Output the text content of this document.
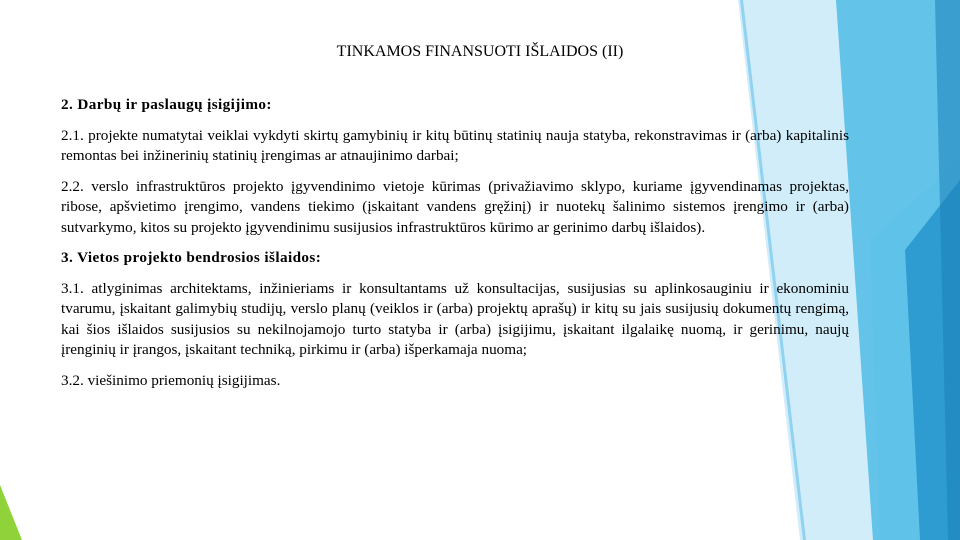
TINKAMOS FINANSUOTI IŠLAIDOS (II)

2. Darbų ir paslaugų įsigijimo:

2.1. projekte numatytai veiklai vykdyti skirtų gamybinių ir kitų būtinų statinių nauja statyba, rekonstravimas ir (arba) kapitalinis remontas bei inžinerinių statinių įrengimas ar atnaujinimo darbai;

2.2. verslo infrastruktūros projekto įgyvendinimo vietoje kūrimas (privažiavimo sklypo, kuriame įgyvendinamas projektas, ribose, apšvietimo įrengimo, vandens tiekimo (įskaitant vandens gręžinį) ir nuotekų šalinimo sistemos įrengimo ir (arba) sutvarkymo, kitos su projekto įgyvendinimu susijusios infrastruktūros kūrimo ar gerinimo darbų išlaidos).

3. Vietos projekto bendrosios išlaidos:

3.1. atlyginimas architektams, inžinieriams ir konsultantams už konsultacijas, susijusias su aplinkosauginiu ir ekonominiu tvarumu, įskaitant galimybių studijų, verslo planų (veiklos ir (arba) projektų aprašų) ir kitų su jais susijusių dokumentų rengimą, kai šios išlaidos susijusios su nekilnojamojo turto statyba ir (arba) įsigijimu, įskaitant ilgalaikę nuomą, ir gerinimu, naujų įrenginių ir įrangos, įskaitant techniką, pirkimu ir (arba) išperkamaja nuoma;

3.2. viešinimo priemonių įsigijimas.
